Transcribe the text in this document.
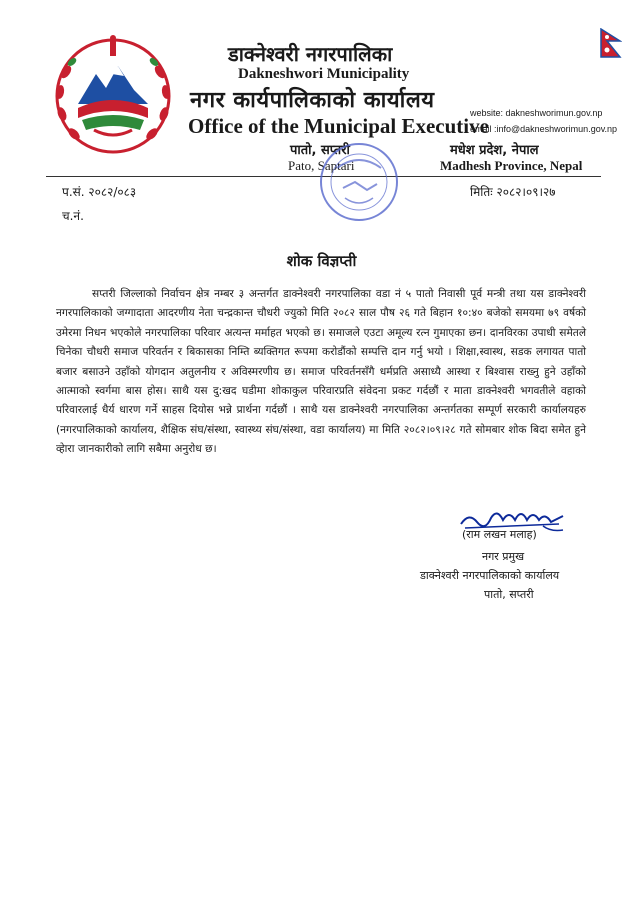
डाक्नेश्वरी नगरपालिका
Dakneshwori Municipality
नगर कार्यपालिकाको कार्यालय
Office of the Municipal Executive
website: dakneshworimun.gov.np
email :info@dakneshworimun.gov.np
पातो, सप्तरी
Pato, Saptari
मधेश प्रदेश, नेपाल
Madhesh Province, Nepal
प.सं. २०८२/०८३
च.नं.
मितिः २०८२।०९।२७
शोक विज्ञप्ती
सप्तरी जिल्लाको निर्वाचन क्षेत्र नम्बर ३ अन्तर्गत डाक्नेश्वरी नगरपालिका वडा नं ५ पातो निवासी पूर्व मन्त्री तथा यस डाक्नेश्वरी नगरपालिकाको जग्गादाता आदरणीय नेता चन्द्रकान्त चौधरी ज्युको मिति २०८२ साल पौष २६ गते बिहान १०:४० बजेको समयमा ७९ वर्षको उमेरमा निधन भएकोले नगरपालिका परिवार अत्यन्त मर्माहत भएको छ। समाजले एउटा अमूल्य रत्न गुमाएका छन। दानविरका उपाधी समेतले चिनेका चौधरी समाज परिवर्तन र बिकासका निम्ति ब्यक्तिगत रूपमा करोडौंको सम्पत्ति दान गर्नु भयो । शिक्षा,स्वास्थ, सडक लगायत पातो बजार बसाउने उहाँको योगदान अतुलनीय र अविस्मरणीय छ। समाज परिवर्तनसँगै धर्मप्रति असाध्यै आस्था र बिश्वास राख्नु हुने उहाँको आत्माको स्वर्गमा बास होस। साथै यस दु:खद घडीमा शोकाकुल परिवारप्रति संवेदना प्रकट गर्दछौं र माता डाक्नेश्वरी भगवतीले वहाको परिवारलाई धैर्य धारण गर्ने साहस दियोस भन्ने प्रार्थना गर्दछौं । साथै यस डाक्नेश्वरी नगरपालिका अन्तर्गतका सम्पूर्ण सरकारी कार्यालयहरु (नगरपालिकाको कार्यालय, शैक्षिक संघ/संस्था, स्वास्थ्य संघ/संस्था, वडा कार्यालय) मा मिति २०८२।०९।२८ गते सोमबार शोक बिदा समेत हुने व्हेारा जानकारीको लागि सबैमा अनुरोध छ।
(राम लखन मलाह)
नगर प्रमुख
डाक्नेश्वरी नगरपालिकाको कार्यालय
पातो, सप्तरी
